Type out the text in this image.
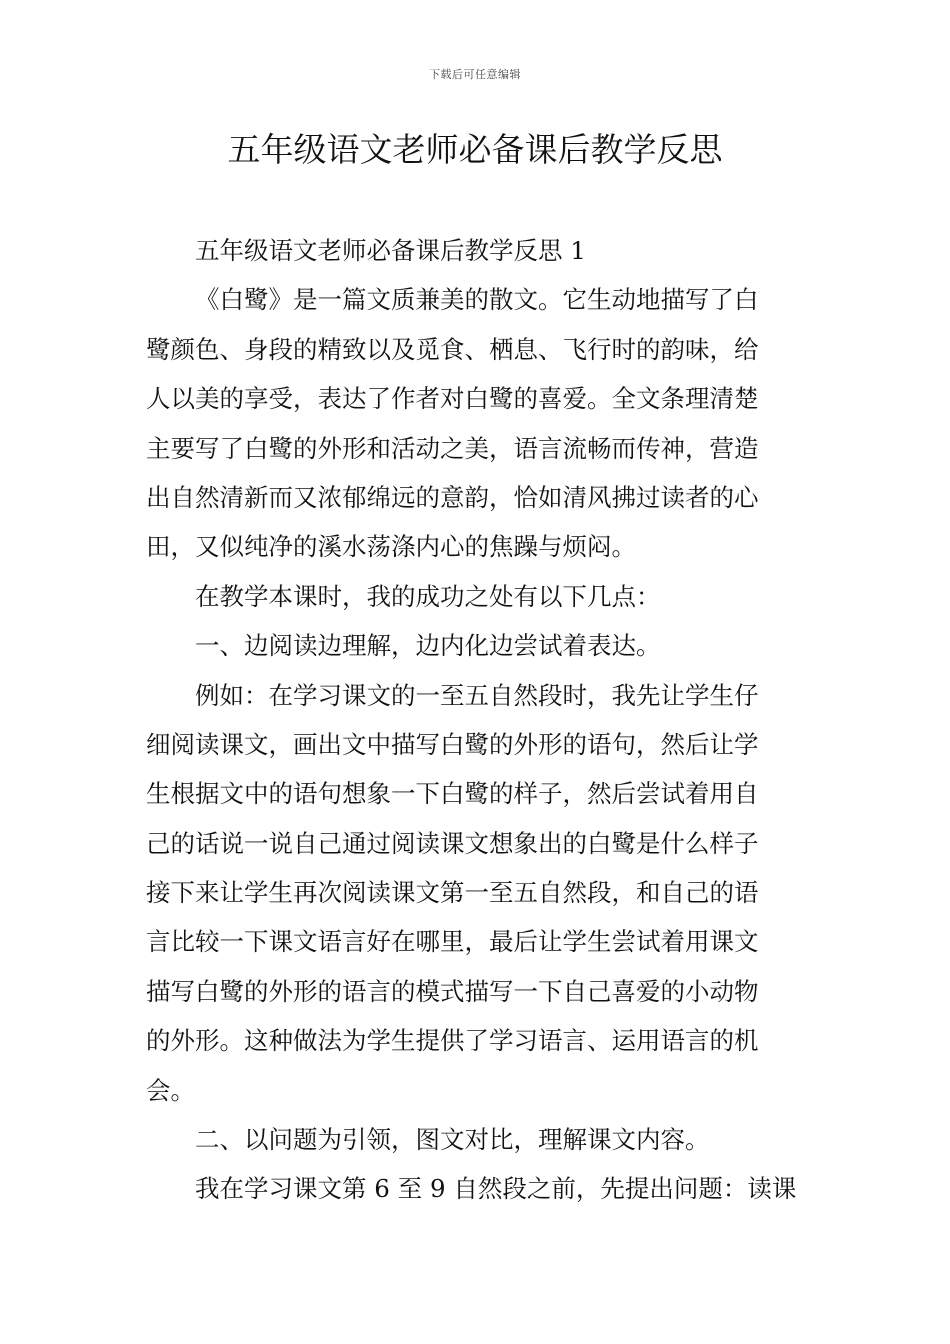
下载后可任意编辑
五年级语文老师必备课后教学反思
五年级语文老师必备课后教学反思 1
《白鹭》是一篇文质兼美的散文。它生动地描写了白
鹭颜色、身段的精致以及觅食、栖息、飞行时的韵味，给
人以美的享受，表达了作者对白鹭的喜爱。全文条理清楚
主要写了白鹭的外形和活动之美，语言流畅而传神，营造
出自然清新而又浓郁绵远的意韵，恰如清风拂过读者的心
田，又似纯净的溪水荡涤内心的焦躁与烦闷。
在教学本课时，我的成功之处有以下几点：
一、边阅读边理解，边内化边尝试着表达。
例如：在学习课文的一至五自然段时，我先让学生仔
细阅读课文，画出文中描写白鹭的外形的语句，然后让学
生根据文中的语句想象一下白鹭的样子，然后尝试着用自
己的话说一说自己通过阅读课文想象出的白鹭是什么样子
接下来让学生再次阅读课文第一至五自然段，和自己的语
言比较一下课文语言好在哪里，最后让学生尝试着用课文
描写白鹭的外形的语言的模式描写一下自己喜爱的小动物
的外形。这种做法为学生提供了学习语言、运用语言的机
会。
二、以问题为引领，图文对比，理解课文内容。
我在学习课文第 6 至 9 自然段之前，先提出问题：读课
